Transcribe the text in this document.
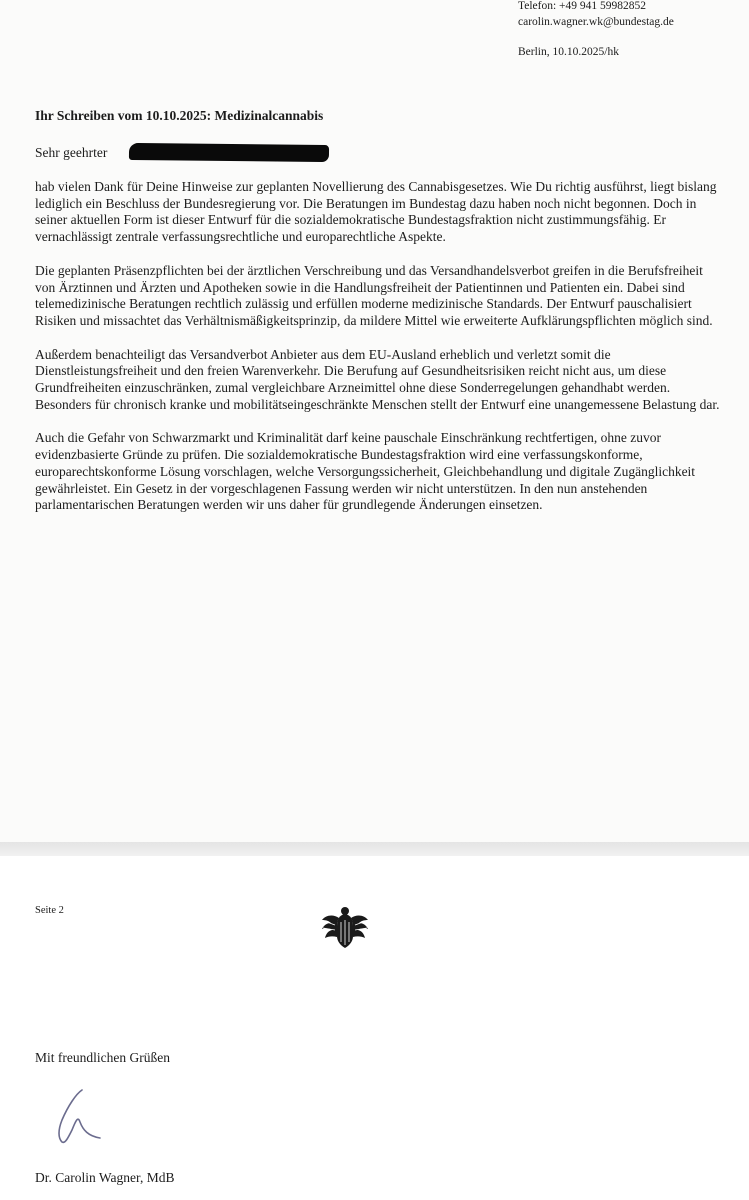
Telefon: +49 941 59982852
carolin.wagner.wk@bundestag.de
Berlin, 10.10.2025/hk
Ihr Schreiben vom 10.10.2025: Medizinalcannabis
Sehr geehrter

hab vielen Dank für Deine Hinweise zur geplanten Novellierung des Cannabisgesetzes. Wie Du richtig ausführst, liegt bislang lediglich ein Beschluss der Bundesregierung vor. Die Beratungen im Bundestag dazu haben noch nicht begonnen. Doch in seiner aktuellen Form ist dieser Entwurf für die sozialdemokratische Bundestagsfraktion nicht zustimmungsfähig. Er vernachlässigt zentrale verfassungsrechtliche und europarechtliche Aspekte.

Die geplanten Präsenzpflichten bei der ärztlichen Verschreibung und das Versandhandelsverbot greifen in die Berufsfreiheit von Ärztinnen und Ärzten und Apotheken sowie in die Handlungsfreiheit der Patientinnen und Patienten ein. Dabei sind telemedizinische Beratungen rechtlich zulässig und erfüllen moderne medizinische Standards. Der Entwurf pauschalisiert Risiken und missachtet das Verhältnismäßigkeitsprinzip, da mildere Mittel wie erweiterte Aufklärungspflichten möglich sind.

Außerdem benachteiligt das Versandverbot Anbieter aus dem EU-Ausland erheblich und verletzt somit die Dienstleistungsfreiheit und den freien Warenverkehr. Die Berufung auf Gesundheitsrisiken reicht nicht aus, um diese Grundfreiheiten einzuschränken, zumal vergleichbare Arzneimittel ohne diese Sonderregelungen gehandhabt werden. Besonders für chronisch kranke und mobilitätseingeschränkte Menschen stellt der Entwurf eine unangemessene Belastung dar.

Auch die Gefahr von Schwarzmarkt und Kriminalität darf keine pauschale Einschränkung rechtfertigen, ohne zuvor evidenzbasierte Gründe zu prüfen. Die sozialdemokratische Bundestagsfraktion wird eine verfassungskonforme, europarechtskonforme Lösung vorschlagen, welche Versorgungssicherheit, Gleichbehandlung und digitale Zugänglichkeit gewährleistet. Ein Gesetz in der vorgeschlagenen Fassung werden wir nicht unterstützen. In den nun anstehenden parlamentarischen Beratungen werden wir uns daher für grundlegende Änderungen einsetzen.

Seite 2
Mit freundlichen Grüßen
Dr. Carolin Wagner, MdB
